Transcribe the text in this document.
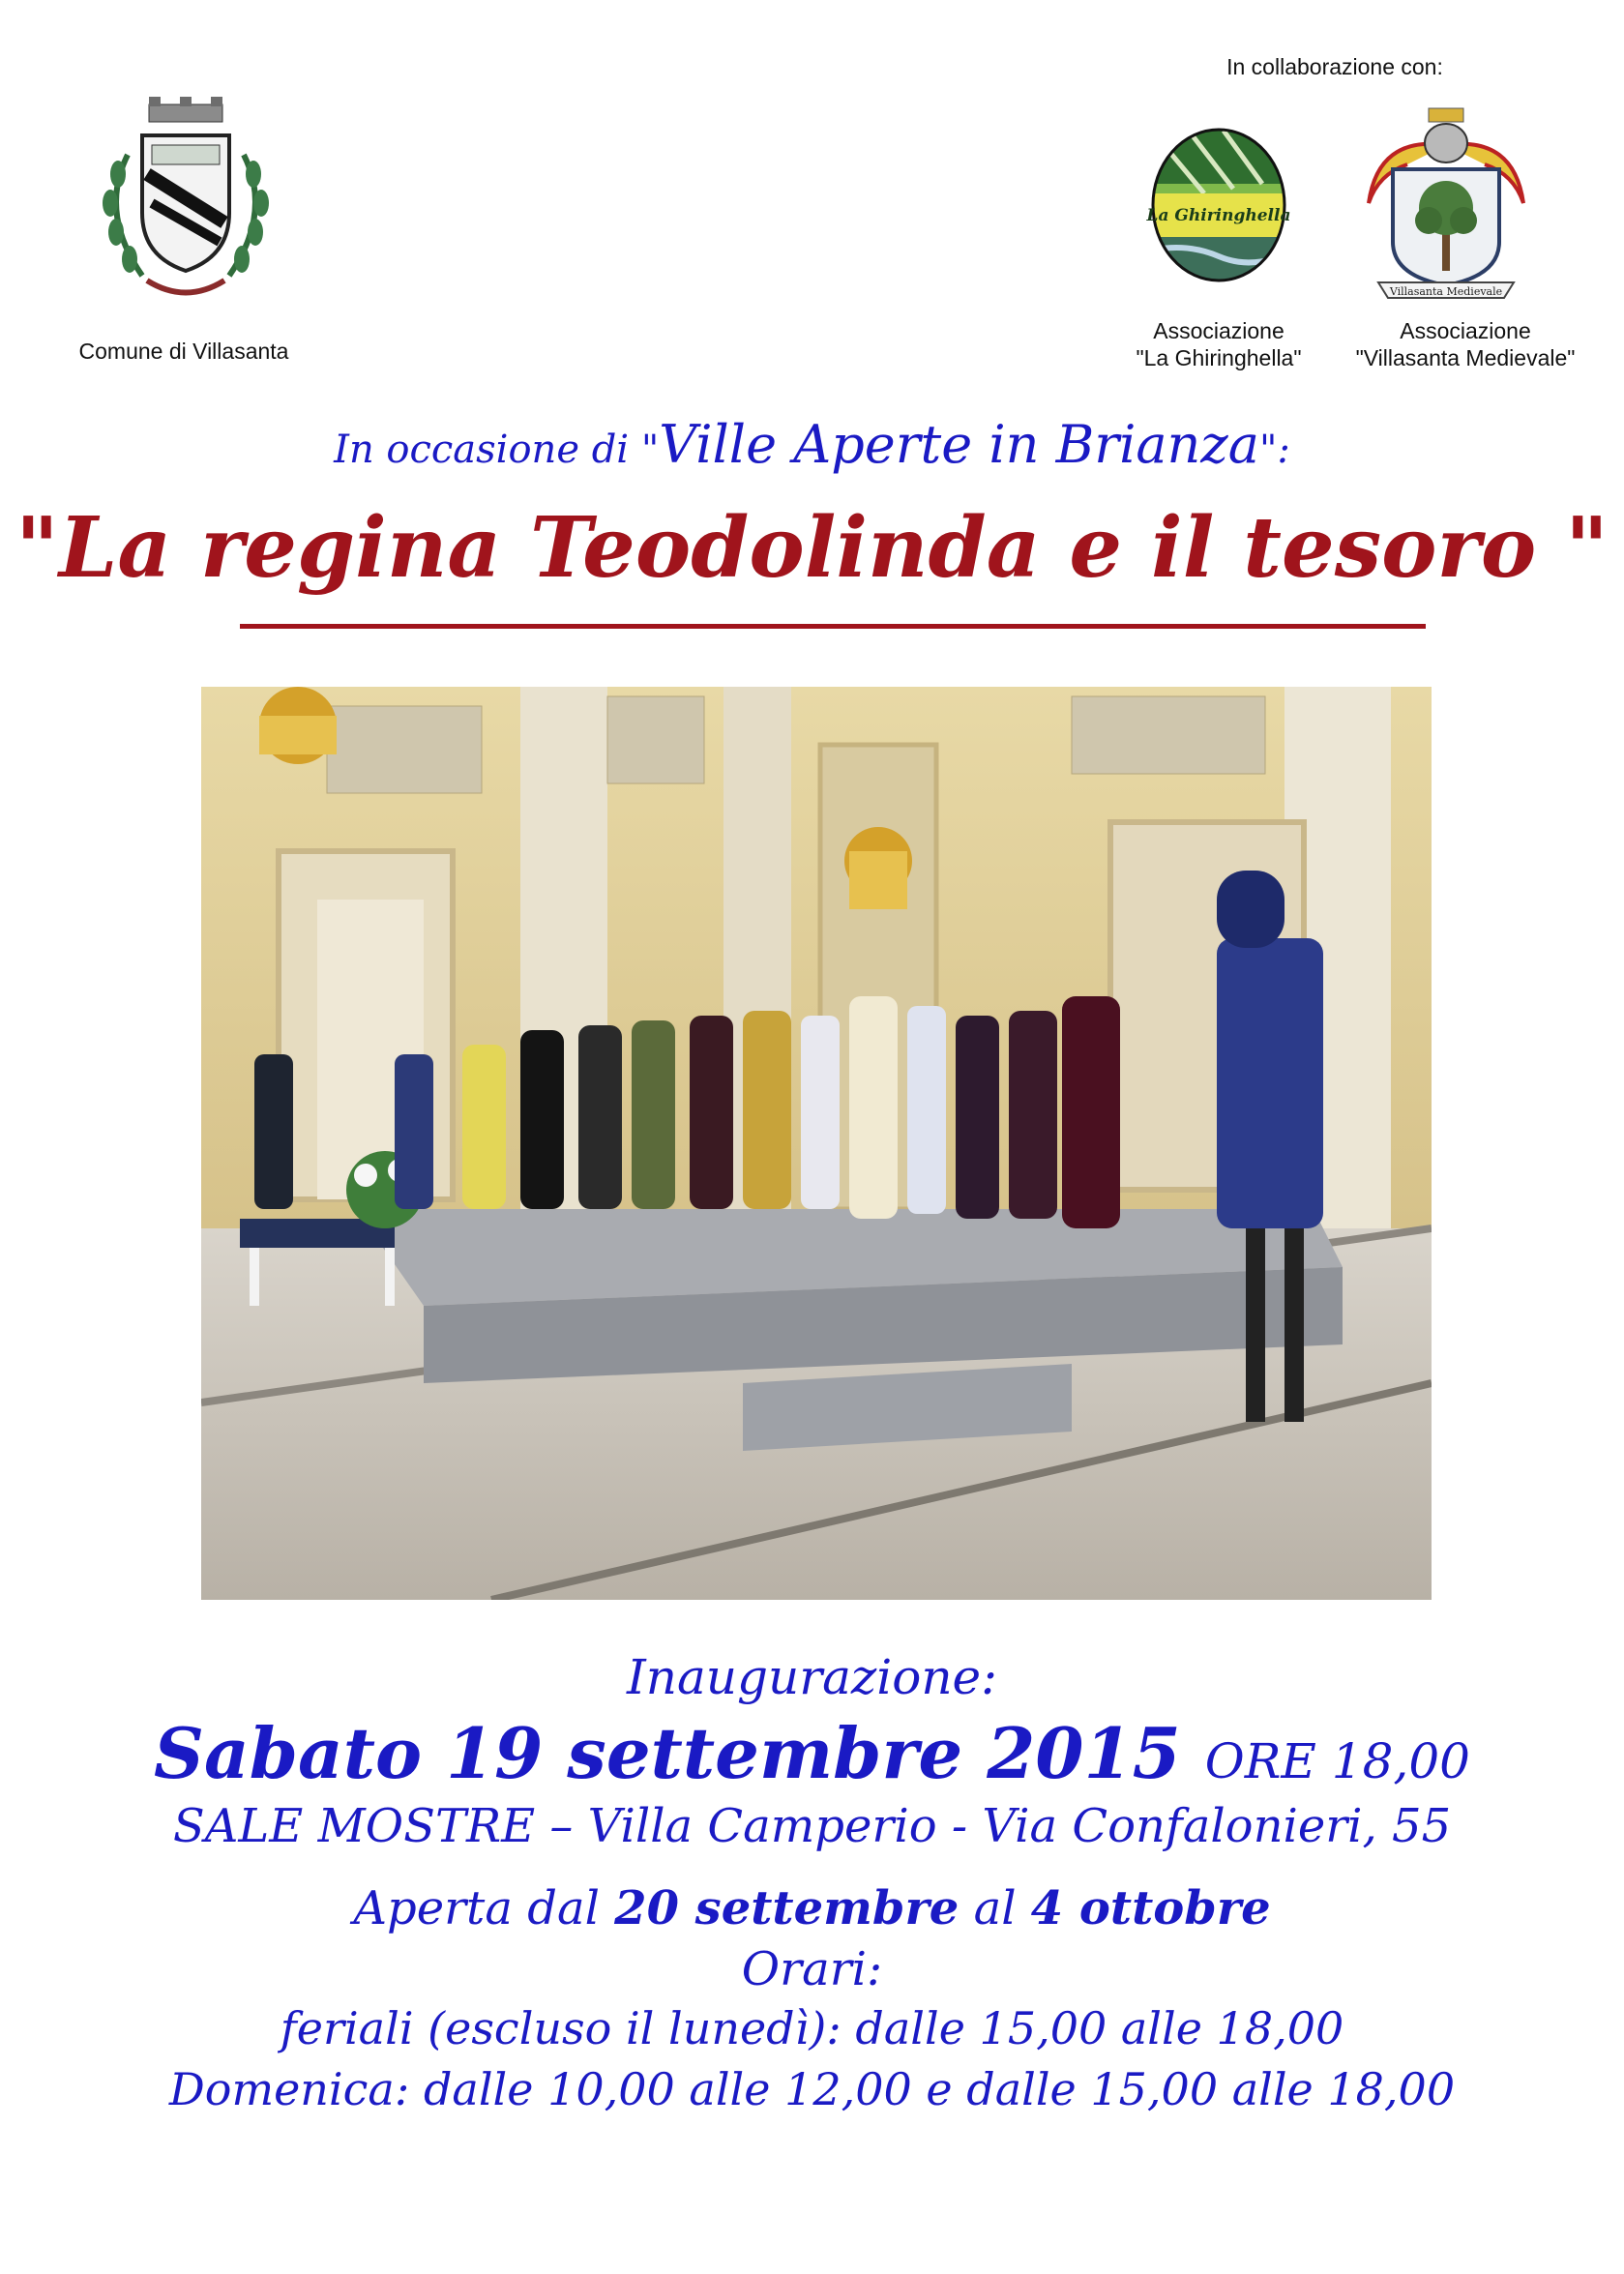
Comune di Villasanta
In collaborazione con:
La Ghiringhella
Villasanta Medievale
Associazione
"La Ghiringhella"
Associazione
"Villasanta Medievale"
In occasione di "Ville Aperte in Brianza":
"La regina Teodolinda e il tesoro "
Inaugurazione:
Sabato 19 settembre 2015 ORE 18,00
SALE MOSTRE – Villa Camperio - Via Confalonieri, 55
Aperta dal 20 settembre al 4 ottobre
Orari:
feriali (escluso il lunedì): dalle 15,00 alle 18,00
Domenica: dalle 10,00 alle 12,00 e dalle 15,00 alle 18,00
